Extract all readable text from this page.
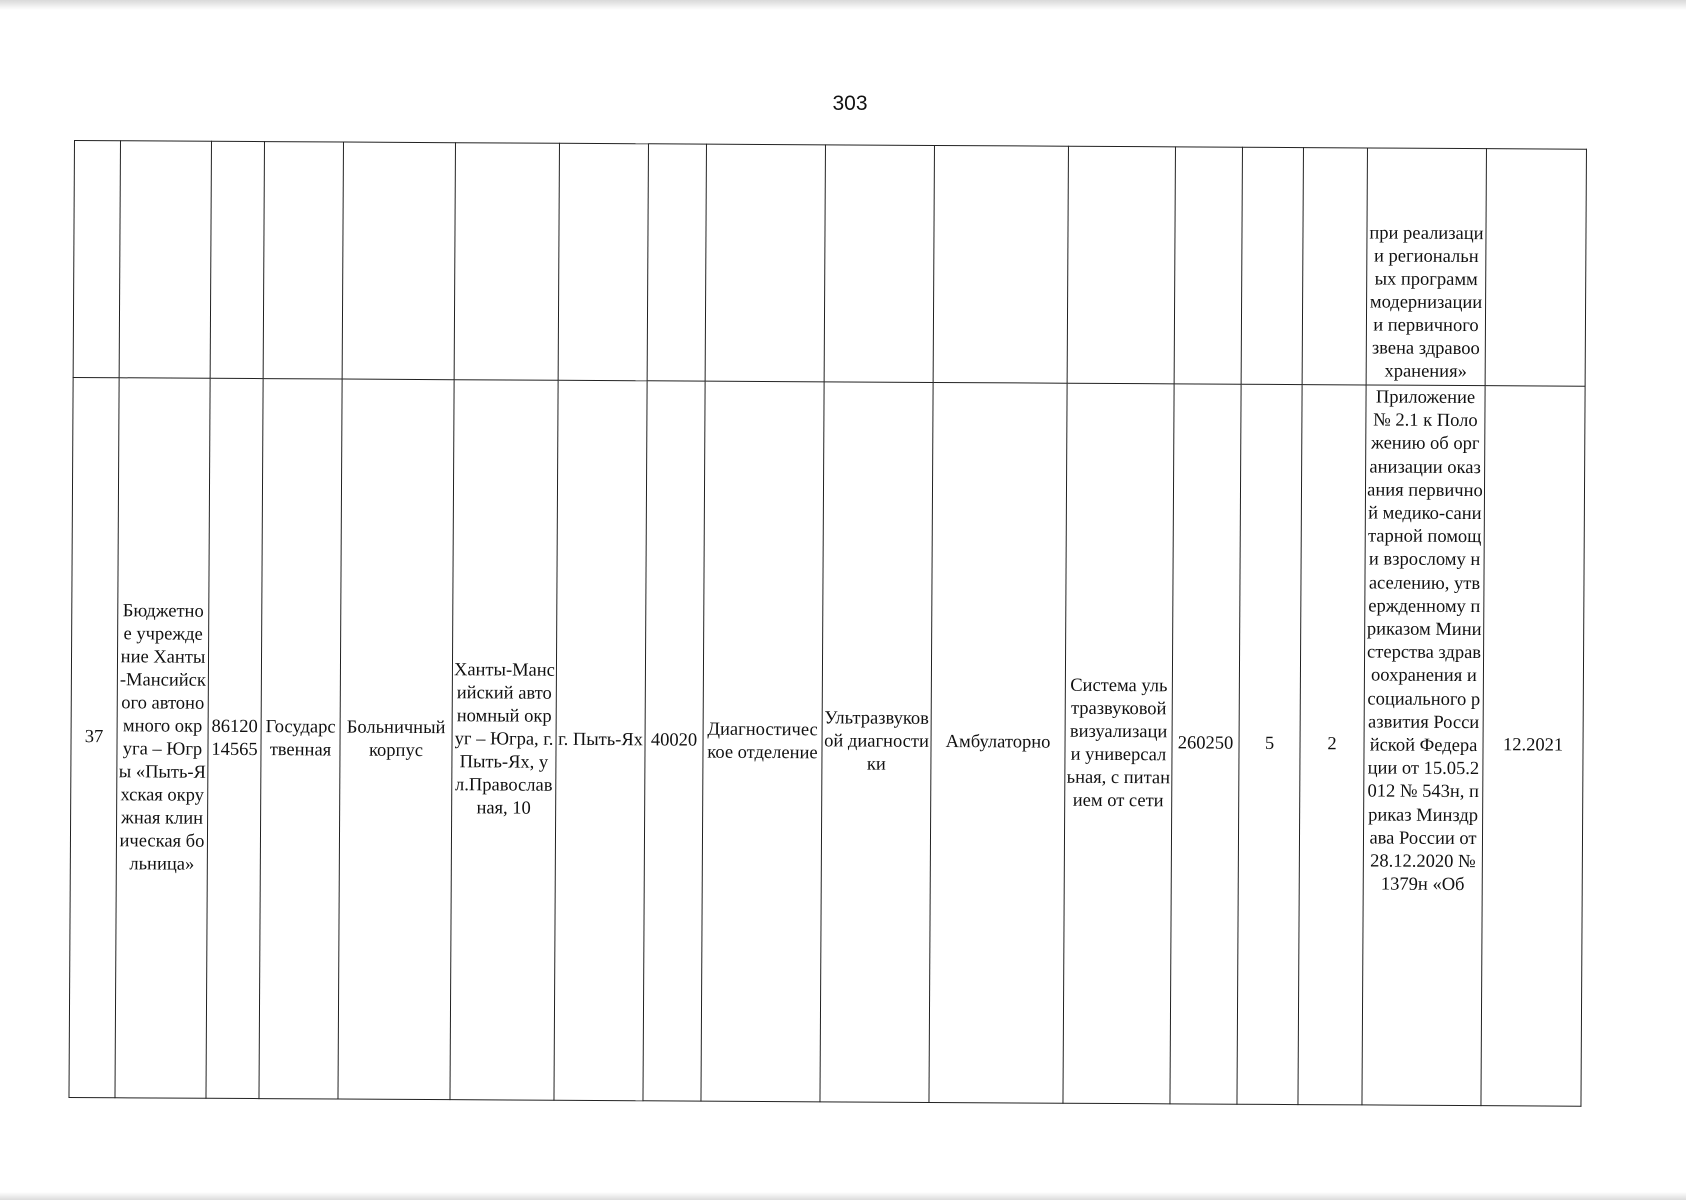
303
															при реализации региональных программ модернизации и первичного звена здравоохранения»	
37	Бюджетное учреждение Ханты-Мансийского автономного округа – Югры «Пыть-Яхская окружная клиническая больница»	8612014565	Государственная	Больничный корпус	Ханты-Мансийский автономный округ – Югра, г. Пыть-Ях, ул.Православная, 10	г. Пыть-Ях	40020	Диагностическое отделение	Ультразвуковой диагностики	Амбулаторно	Система ультразвуковой визуализации универсальная, с питанием от сети	260250	5	2	Приложение № 2.1 к Положению об организации оказания первичной медико-санитарной помощи взрослому населению, утвержденному приказом Министерства здравоохранения и социального развития Российской Федерации от 15.05.2012 № 543н, приказ Минздрава России от 28.12.2020 № 1379н «Об	12.2021
